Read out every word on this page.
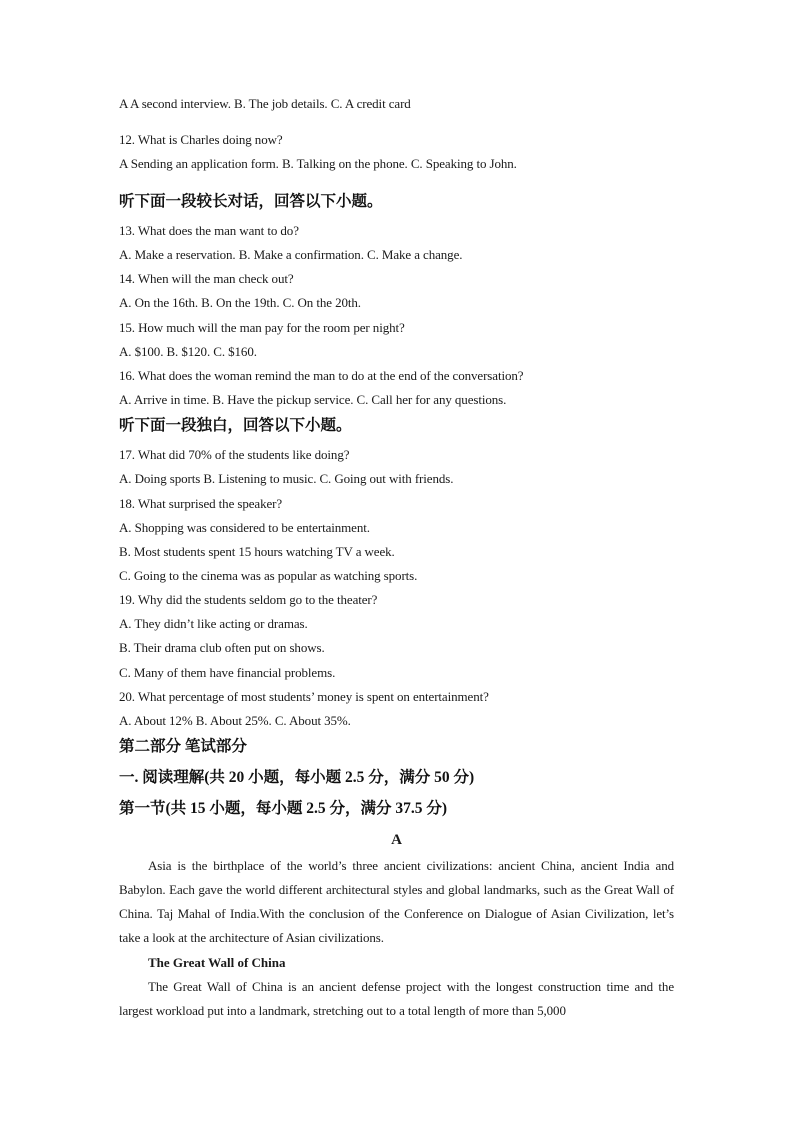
A A second interview. B. The job details. C. A credit card
12. What is Charles doing now?
A Sending an application form. B. Talking on the phone. C. Speaking to John.
听下面一段较长对话，回答以下小题。
13. What does the man want to do?
A. Make a reservation. B. Make a confirmation. C. Make a change.
14. When will the man check out?
A. On the 16th. B. On the 19th. C. On the 20th.
15. How much will the man pay for the room per night?
A. $100. B. $120. C. $160.
16. What does the woman remind the man to do at the end of the conversation?
A. Arrive in time. B. Have the pickup service. C. Call her for any questions.
听下面一段独白，回答以下小题。
17. What did 70% of the students like doing?
A. Doing sports B. Listening to music. C. Going out with friends.
18. What surprised the speaker?
A. Shopping was considered to be entertainment.
B. Most students spent 15 hours watching TV a week.
C. Going to the cinema was as popular as watching sports.
19. Why did the students seldom go to the theater?
A. They didn’t like acting or dramas.
B. Their drama club often put on shows.
C. Many of them have financial problems.
20. What percentage of most students’ money is spent on entertainment?
A. About 12% B. About 25%. C. About 35%.
第二部分 笔试部分
一. 阅读理解(共 20 小题，每小题 2.5 分，满分 50 分)
第一节(共 15 小题，每小题 2.5 分，满分 37.5 分)
A
Asia is the birthplace of the world’s three ancient civilizations: ancient China, ancient India and Babylon. Each gave the world different architectural styles and global landmarks, such as the Great Wall of China. Taj Mahal of India.With the conclusion of the Conference on Dialogue of Asian Civilization, let’s take a look at the architecture of Asian civilizations.
The Great Wall of China
The Great Wall of China is an ancient defense project with the longest construction time and the largest workload put into a landmark, stretching out to a total length of more than 5,000
